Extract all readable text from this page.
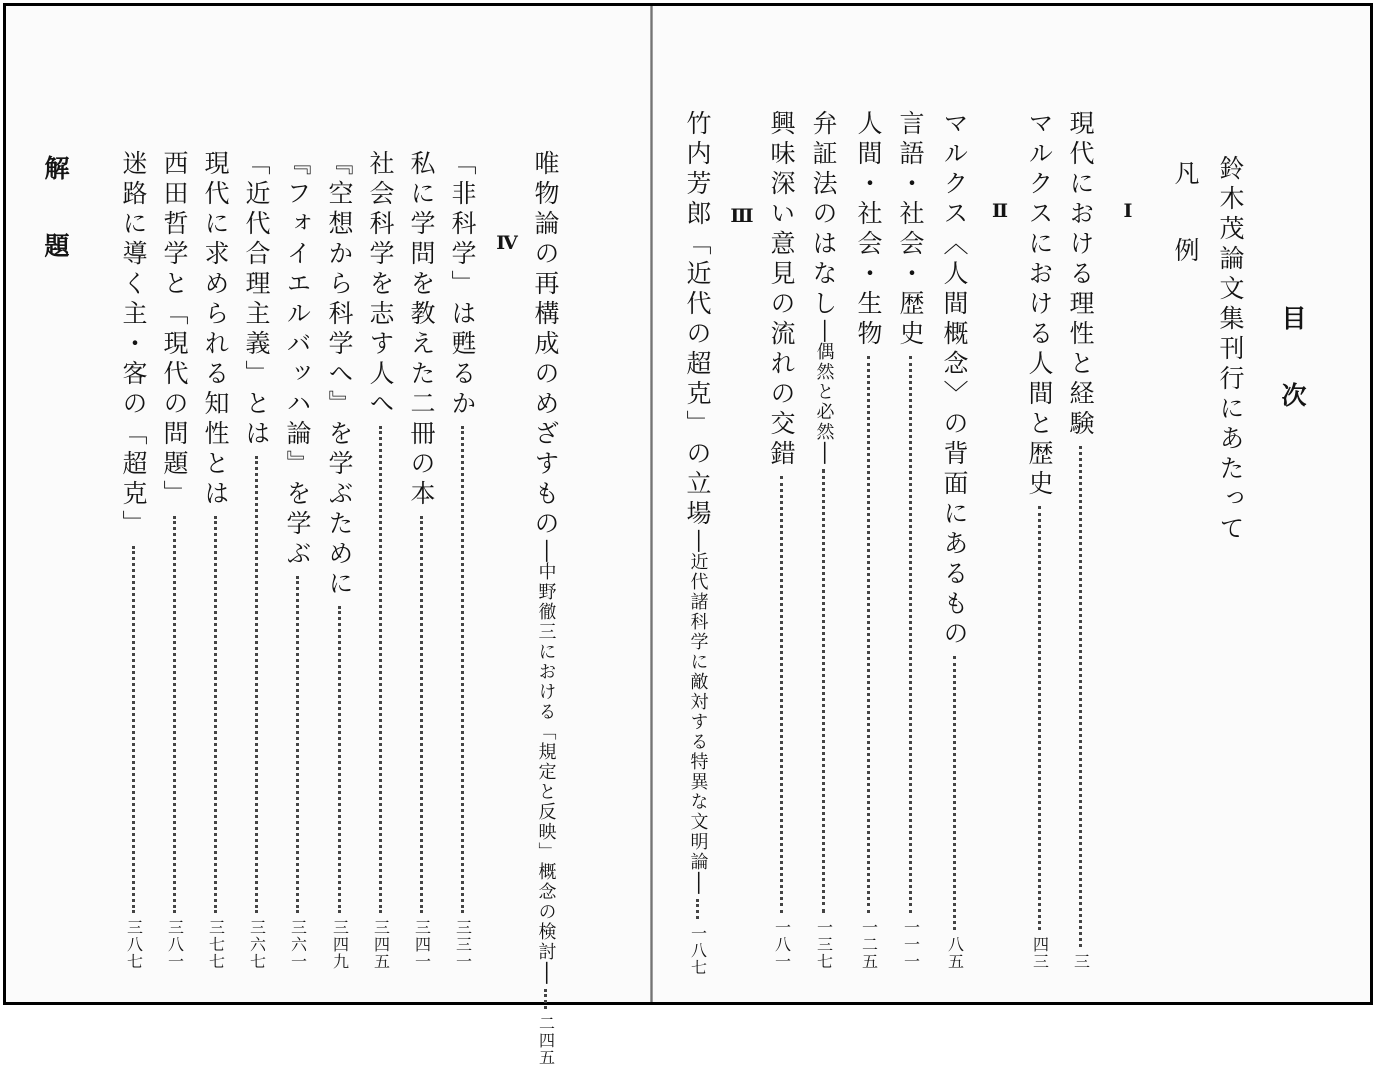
目次
鈴木茂論文集刊行にあたって
凡 例
Ⅰ
現代における理性と経験
三
マルクスにおける人間と歴史
四三
Ⅱ
マルクス〈人間概念〉の背面にあるもの
八五
言語・社会・歴史
一一一
人間・社会・生物
一二五
弁証法のはなし
──
偶然と必然
──
一三七
興味深い意見の流れの交錯
一八一
Ⅲ
竹内芳郎「近代の超克」の立場
──
近代諸科学に敵対する特異な文明論
──
一八七
唯物論の再構成のめざすもの
──
中野徹三における「規定と反映」概念の検討
──
二四五
Ⅳ
「非科学」は甦るか
三三一
私に学問を教えた二冊の本
三四一
社会科学を志す人へ
三四五
『空想から科学へ』を学ぶために
三四九
『フォイエルバッハ論』を学ぶ
三六一
「近代合理主義」とは
三六七
現代に求められる知性とは
三七七
西田哲学と「現代の問題」
三八一
迷路に導く主・客の「超克」
三八七
解 題
